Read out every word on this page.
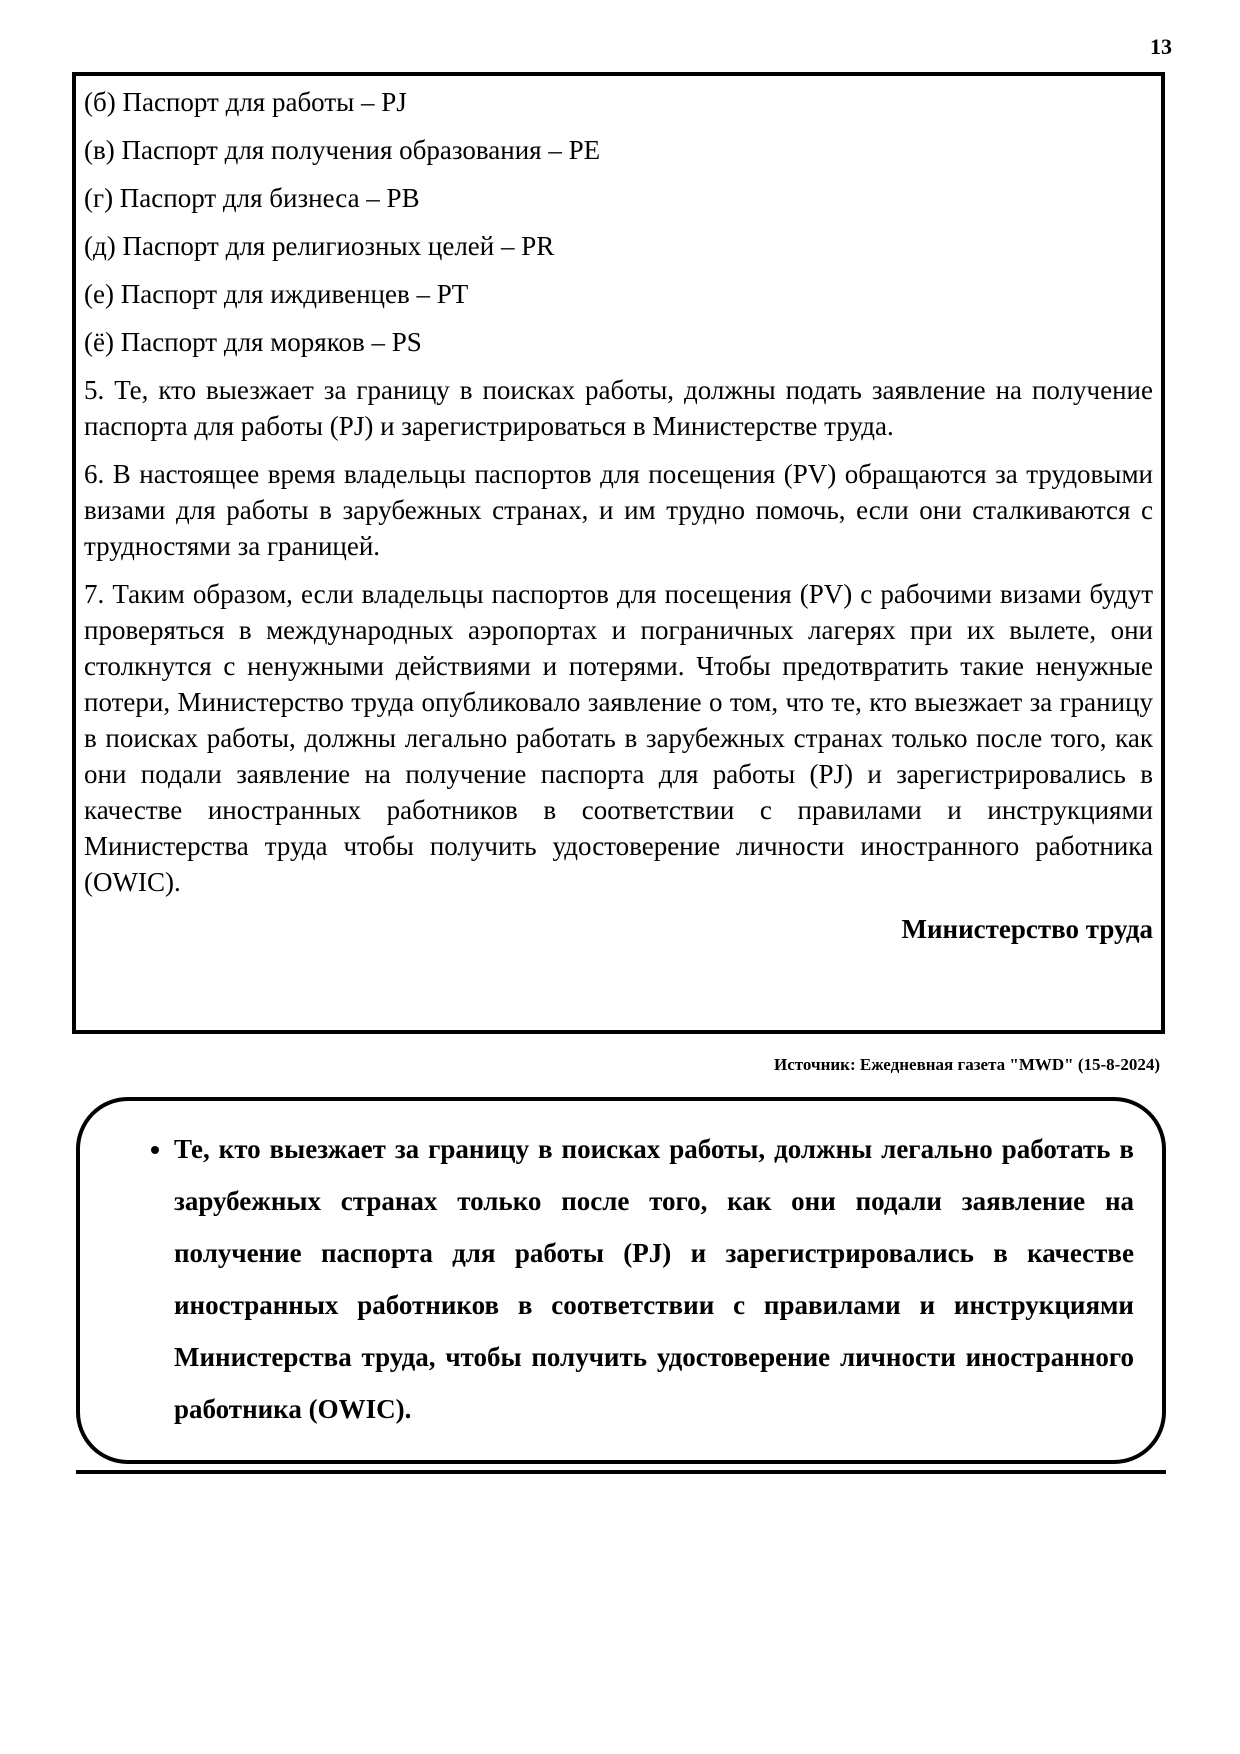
13

(б) Паспорт для работы – PJ

(в) Паспорт для получения образования – PE

(г) Паспорт для бизнеса – PB

(д) Паспорт для религиозных целей – PR

(е) Паспорт для иждивенцев – PT

(ё) Паспорт для моряков – PS

5. Те, кто выезжает за границу в поисках работы, должны подать заявление на получение паспорта для работы (PJ) и зарегистрироваться в Министерстве труда.

6. В настоящее время владельцы паспортов для посещения (PV) обращаются за трудовыми визами для работы в зарубежных странах, и им трудно помочь, если они сталкиваются с трудностями за границей.

7. Таким образом, если владельцы паспортов для посещения (PV) с рабочими визами будут проверяться в международных аэропортах и пограничных лагерях при их вылете, они столкнутся с ненужными действиями и потерями. Чтобы предотвратить такие ненужные потери, Министерство труда опубликовало заявление о том, что те, кто выезжает за границу в поисках работы, должны легально работать в зарубежных странах только после того, как они подали заявление на получение паспорта для работы (PJ) и зарегистрировались в качестве иностранных работников в соответствии с правилами и инструкциями Министерства труда чтобы получить удостоверение личности иностранного работника (OWIC).

Министерство труда
Источник: Ежедневная газета "MWD" (15-8-2024)
• Те, кто выезжает за границу в поисках работы, должны легально работать в зарубежных странах только после того, как они подали заявление на получение паспорта для работы (PJ) и зарегистрировались в качестве иностранных работников в соответствии с правилами и инструкциями Министерства труда, чтобы получить удостоверение личности иностранного работника (OWIC).
